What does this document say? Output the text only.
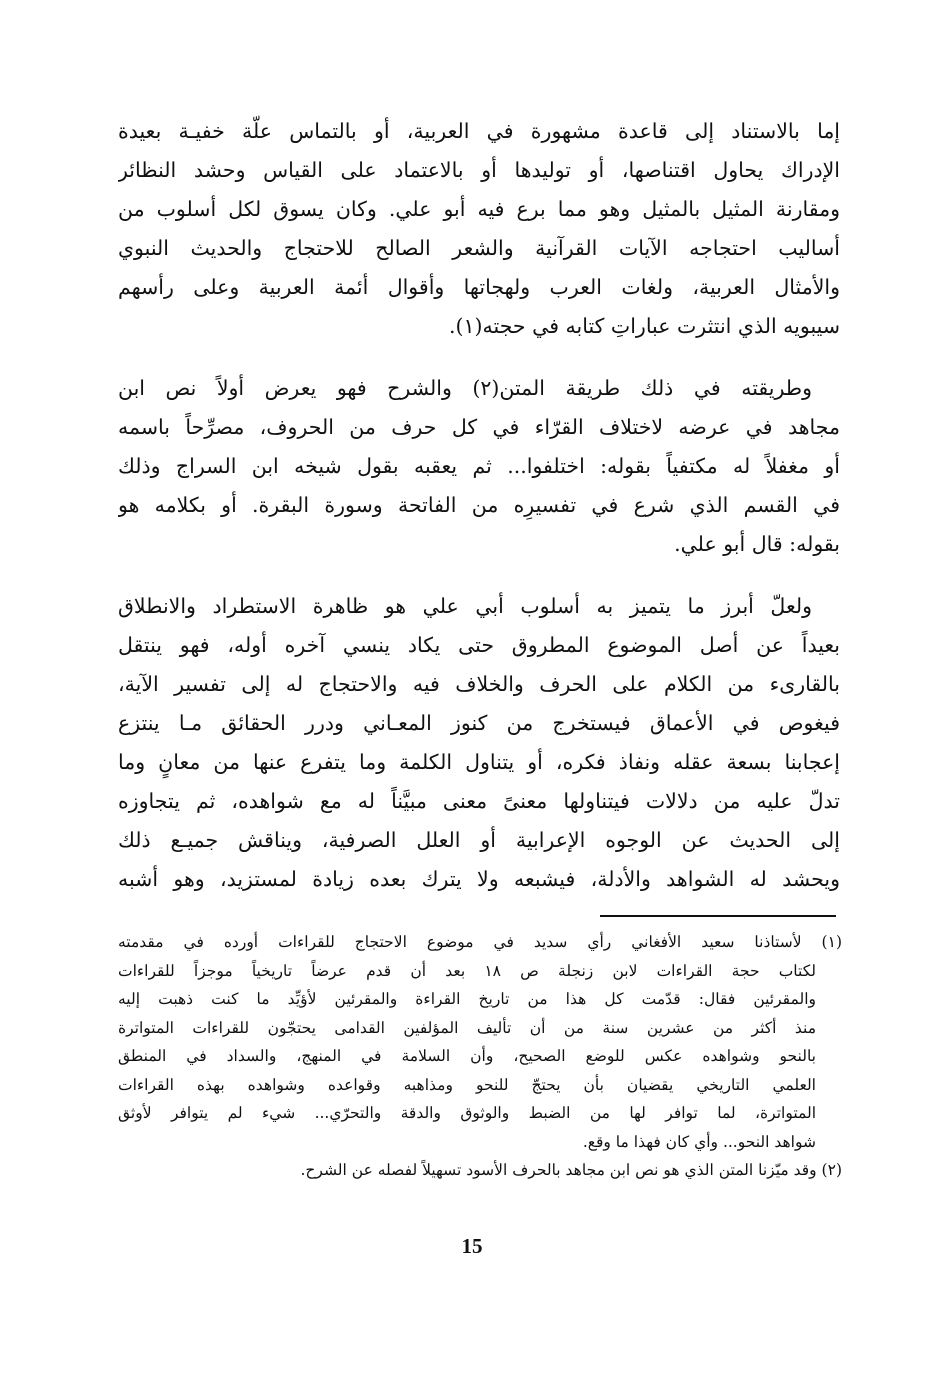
إما بالاستناد إلى قاعدة مشهورة في العربية، أو بالتماس علّة خفيـة بعيدة
الإدراك يحاول اقتناصها، أو توليدها أو بالاعتماد على القياس وحشد النظائر
ومقارنة المثيل بالمثيل وهو مما برع فيه أبو علي. وكان يسوق لكل أسلوب من
أساليب احتجاجه الآيات القرآنية والشعر الصالح للاحتجاج والحديث النبوي
والأمثال العربية، ولغات العرب ولهجاتها وأقوال أئمة العربية وعلى رأسهم
سيبويه الذي انتثرت عباراتِ كتابه في حجته(١).
وطريقته في ذلك طريقة المتن(٢) والشرح فهو يعرض أولاً نص ابن
مجاهد في عرضه لاختلاف القرّاء في كل حرف من الحروف، مصرِّحاً باسمه
أو مغفلاً له مكتفياً بقوله: اختلفوا... ثم يعقبه بقول شيخه ابن السراج وذلك
في القسم الذي شرع في تفسيرِه من الفاتحة وسورة البقرة. أو بكلامه هو
بقوله: قال أبو علي.
ولعلّ أبرز ما يتميز به أسلوب أبي علي هو ظاهرة الاستطراد والانطلاق
بعيداً عن أصل الموضوع المطروق حتى يكاد ينسي آخره أوله، فهو ينتقل
بالقارىء من الكلام على الحرف والخلاف فيه والاحتجاج له إلى تفسير الآية،
فيغوص في الأعماق فيستخرج من كنوز المعـاني ودرر الحقائق مـا ينتزع
إعجابنا بسعة عقله ونفاذ فكره، أو يتناول الكلمة وما يتفرع عنها من معانٍ وما
تدلّ عليه من دلالات فيتناولها معنىً معنى مبيَّناً له مع شواهده، ثم يتجاوزه
إلى الحديث عن الوجوه الإعرابية أو العلل الصرفية، ويناقش جميـع ذلك
ويحشد له الشواهد والأدلة، فيشبعه ولا يترك بعده زيادة لمستزيد، وهو أشبه
(١) لأستاذنا سعيد الأفغاني رأي سديد في موضوع الاحتجاج للقراءات أورده في مقدمته
لكتاب حجة القراءات لابن زنجلة ص ١٨ بعد أن قدم عرضاً تاريخياً موجزاً للقراءات
والمقرئين فقال: قدّمت كل هذا من تاريخ القراءة والمقرئين لأؤيِّد ما كنت ذهبت إليه
منذ أكثر من عشرين سنة من أن تأليف المؤلفين القدامى يحتجّون للقراءات المتواترة
بالنحو وشواهده عكس للوضع الصحيح، وأن السلامة في المنهج، والسداد في المنطق
العلمي التاريخي يقضيان بأن يحتجّ للنحو ومذاهبه وقواعده وشواهده بهذه القراءات
المتواترة، لما توافر لها من الضبط والوثوق والدقة والتحرّي... شيء لم يتوافر لأوثق
شواهد النحو... وأي كان فهذا ما وقع.
(٢) وقد ميّزنا المتن الذي هو نص ابن مجاهد بالحرف الأسود تسهيلاً لفصله عن الشرح.
15
